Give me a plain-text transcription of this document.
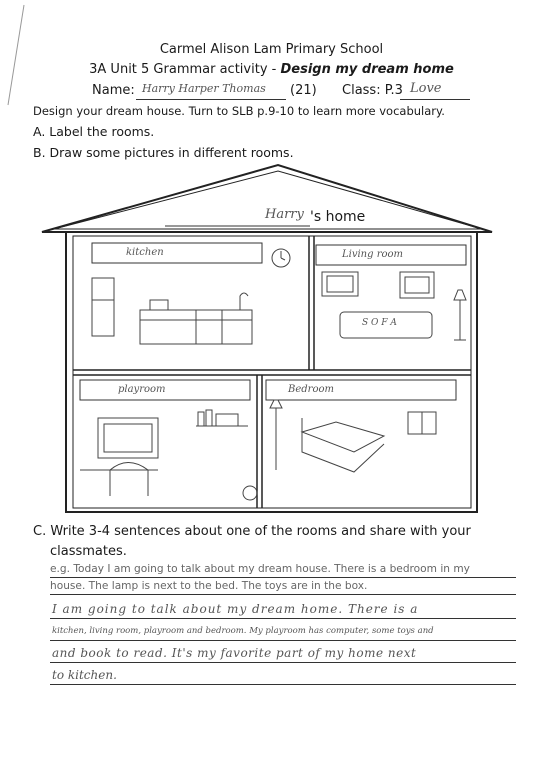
Carmel Alison Lam Primary School
3A Unit 5 Grammar activity - Design my dream home
Name: Harry Harper Thomas (21) Class: P.3 Love
Design your dream house. Turn to SLB p.9-10 to learn more vocabulary.
A. Label the rooms.
B. Draw some pictures in different rooms.
Harry 's home
kitchen	Living room
playroom	Bedroom
S O F A
C. Write 3-4 sentences about one of the rooms and share with your
classmates.
e.g. Today I am going to talk about my dream house. There is a bedroom in my
house. The lamp is next to the bed. The toys are in the box.
I am going to talk about my dream home. There is a
kitchen, living room, playroom and bedroom. My playroom has computer, some toys and
and book to read. It's my favorite part of my home next
to kitchen.
